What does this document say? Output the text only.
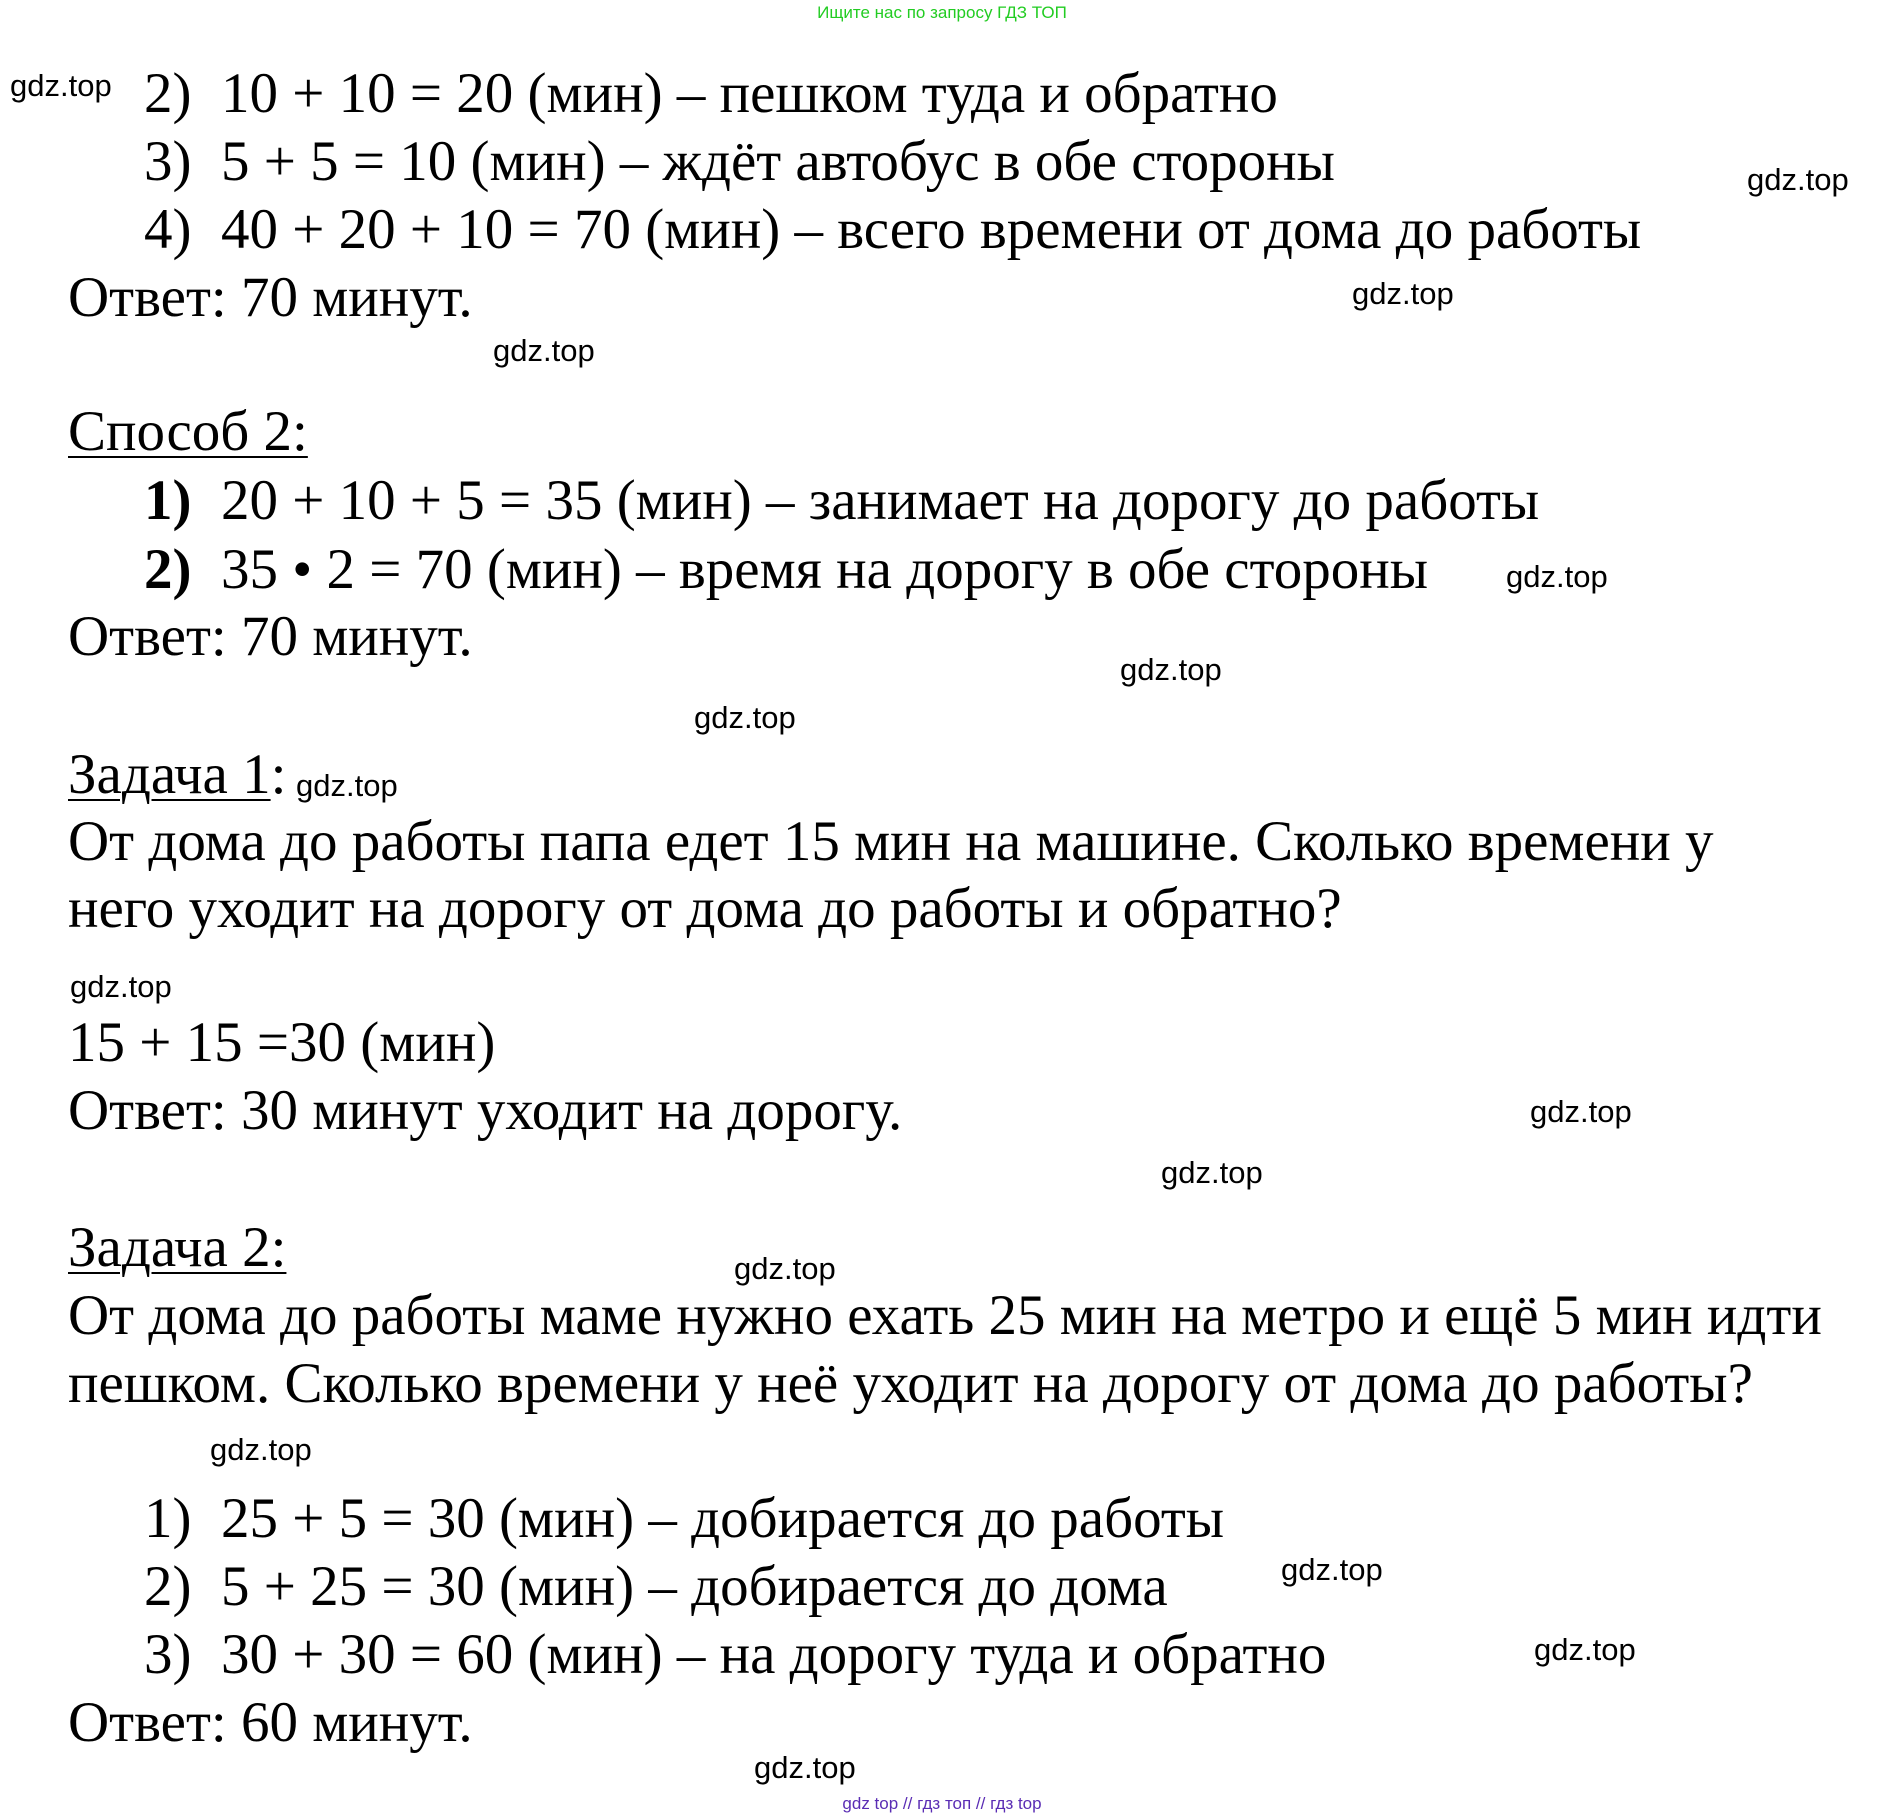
Ищите нас по запросу ГДЗ ТОП
2) 10 + 10 = 20 (мин) – пешком туда и обратно
3) 5 + 5 = 10 (мин) – ждёт автобус в обе стороны
4) 40 + 20 + 10 = 70 (мин) – всего времени от дома до работы
Ответ: 70 минут.
Способ 2:
1) 20 + 10 + 5 = 35 (мин) – занимает на дорогу до работы
2) 35 • 2 = 70 (мин) – время на дорогу в обе стороны
Ответ: 70 минут.
Задача 1:
От дома до работы папа едет 15 мин на машине. Сколько времени у
него уходит на дорогу от дома до работы и обратно?
15 + 15 =30 (мин)
Ответ: 30 минут уходит на дорогу.
Задача 2:
От дома до работы маме нужно ехать 25 мин на метро и ещё 5 мин идти
пешком. Сколько времени у неё уходит на дорогу от дома до работы?
1) 25 + 5 = 30 (мин) – добирается до работы
2) 5 + 25 = 30 (мин) – добирается до дома
3) 30 + 30 = 60 (мин) – на дорогу туда и обратно
Ответ: 60 минут.
gdz.top
gdz.top
gdz.top
gdz.top
gdz.top
gdz.top
gdz.top
gdz.top
gdz.top
gdz.top
gdz.top
gdz.top
gdz.top
gdz.top
gdz.top
gdz.top
gdz top // гдз топ // гдз top
